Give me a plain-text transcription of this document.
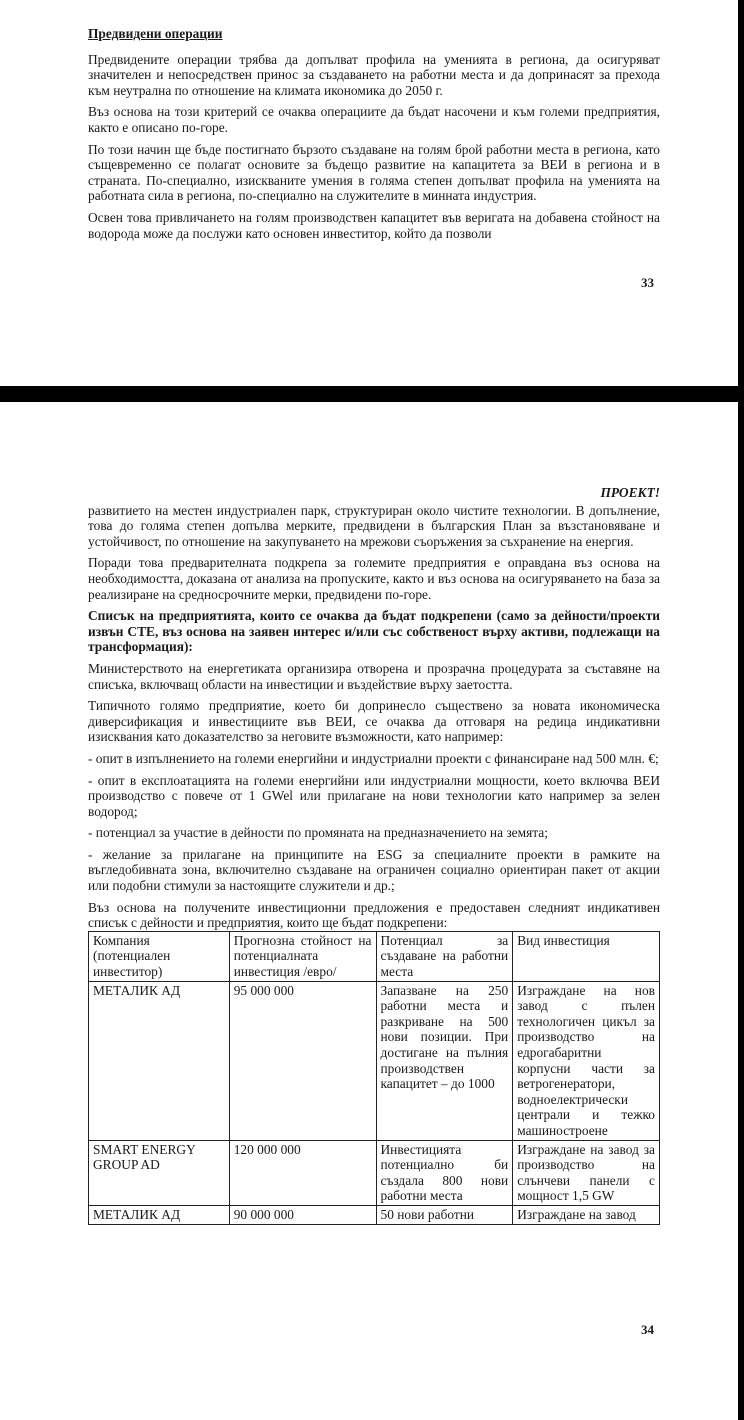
Предвидени операции

Предвидените операции трябва да допълват профила на уменията в региона, да осигуряват значителен и непосредствен принос за създаването на работни места и да допринасят за прехода към неутрална по отношение на климата икономика до 2050 г.

Въз основа на този критерий се очаква операциите да бъдат насочени и към големи предприятия, както е описано по-горе.

По този начин ще бъде постигнато бързото създаване на голям брой работни места в региона, като същевременно се полагат основите за бъдещо развитие на капацитета за ВЕИ в региона и в страната. По-специално, изискваните умения в голяма степен допълват профила на уменията на работната сила в региона, по-специално на служителите в минната индустрия.

Освен това привличането на голям производствен капацитет във веригата на добавена стойност на водорода може да послужи като основен инвеститор, който да позволи

33
ПРОЕКТ!

развитието на местен индустриален парк, структуриран около чистите технологии. В допълнение, това до голяма степен допълва мерките, предвидени в българския План за възстановяване и устойчивост, по отношение на закупуването на мрежови съоръжения за съхранение на енергия.

Поради това предварителната подкрепа за големите предприятия е оправдана въз основа на необходимостта, доказана от анализа на пропуските, както и въз основа на осигуряването на база за реализиране на средносрочните мерки, предвидени по-горе.

Списък на предприятията, които се очаква да бъдат подкрепени (само за дейности/проекти извън СТЕ, въз основа на заявен интерес и/или със собственост върху активи, подлежащи на трансформация):

Министерството на енергетиката организира отворена и прозрачна процедурата за съставяне на списъка, включващ области на инвестиции и въздействие върху заетостта.

Типичното голямо предприятие, което би допринесло съществено за новата икономическа диверсификация и инвестициите във ВЕИ, се очаква да отговаря на редица индикативни изисквания като доказателство за неговите възможности, като например:

- опит в изпълнението на големи енергийни и индустриални проекти с финансиране над 500 млн. €;

- опит в експлоатацията на големи енергийни или индустриални мощности, което включва ВЕИ производство с повече от 1 GWel или прилагане на нови технологии като например за зелен водород;

- потенциал за участие в дейности по промяната на предназначението на земята;

- желание за прилагане на принципите на ESG за специалните проекти в рамките на въгледобивната зона, включително създаване на ограничен социално ориентиран пакет от акции или подобни стимули за настоящите служители и др.;

Въз основа на получените инвестиционни предложения е предоставен следният индикативен списък с дейности и предприятия, които ще бъдат подкрепени:

Компания (потенциален инвеститор)	Прогнозна стойност на потенциалната инвестиция /евро/	Потенциал за създаване на работни места	Вид инвестиция
МЕТАЛИК АД	95 000 000	Запазване на 250 работни места и разкриване на 500 нови позиции. При достигане на пълния производствен капацитет – до 1000	Изграждане на нов завод с пълен технологичен цикъл за производство на едрогабаритни корпусни части за ветрогенератори, водноелектрически централи и тежко машиностроене
SMART ENERGY GROUP AD	120 000 000	Инвестицията потенциално би създала 800 нови работни места	Изграждане на завод за производство на слънчеви панели с мощност 1,5 GW
МЕТАЛИК АД	90 000 000	50 нови работни	Изграждане на завод
34
